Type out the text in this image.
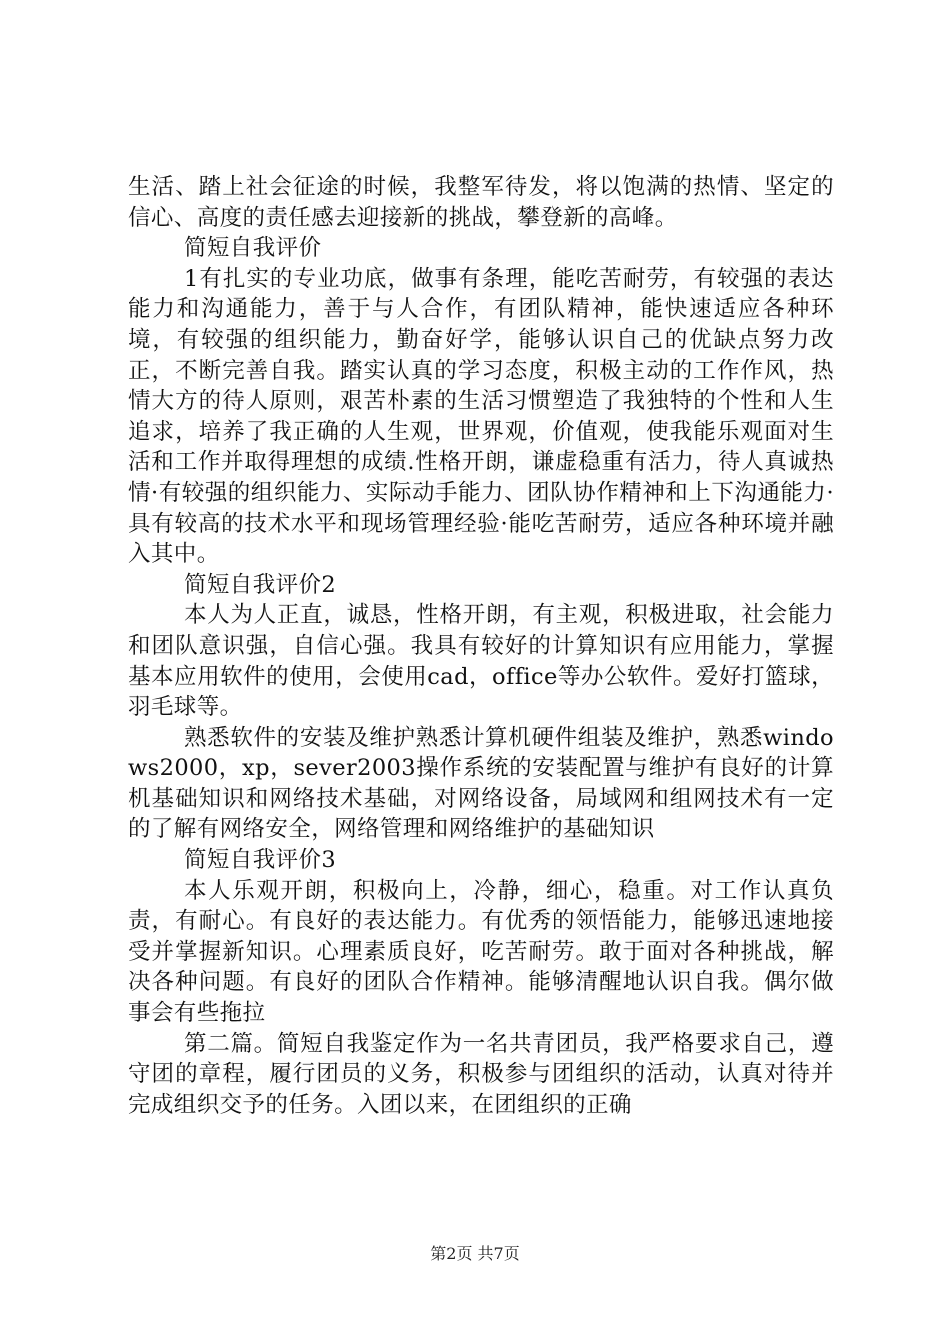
生活、踏上社会征途的时候，我整军待发，将以饱满的热情、坚定的信心、高度的责任感去迎接新的挑战，攀登新的高峰。

简短自我评价

1有扎实的专业功底，做事有条理，能吃苦耐劳，有较强的表达能力和沟通能力，善于与人合作，有团队精神，能快速适应各种环境，有较强的组织能力，勤奋好学，能够认识自己的优缺点努力改正，不断完善自我。踏实认真的学习态度，积极主动的工作作风，热情大方的待人原则，艰苦朴素的生活习惯塑造了我独特的个性和人生追求，培养了我正确的人生观，世界观，价值观，使我能乐观面对生活和工作并取得理想的成绩.性格开朗，谦虚稳重有活力，待人真诚热情·有较强的组织能力、实际动手能力、团队协作精神和上下沟通能力·具有较高的技术水平和现场管理经验·能吃苦耐劳，适应各种环境并融入其中。

简短自我评价2

本人为人正直，诚恳，性格开朗，有主观，积极进取，社会能力和团队意识强，自信心强。我具有较好的计算知识有应用能力，掌握基本应用软件的使用，会使用cad，office等办公软件。爱好打篮球，羽毛球等。

熟悉软件的安装及维护熟悉计算机硬件组装及维护，熟悉windows2000，xp，sever2003操作系统的安装配置与维护有良好的计算机基础知识和网络技术基础，对网络设备，局域网和组网技术有一定的了解有网络安全，网络管理和网络维护的基础知识

简短自我评价3

本人乐观开朗，积极向上，冷静，细心，稳重。对工作认真负责，有耐心。有良好的表达能力。有优秀的领悟能力，能够迅速地接受并掌握新知识。心理素质良好，吃苦耐劳。敢于面对各种挑战，解决各种问题。有良好的团队合作精神。能够清醒地认识自我。偶尔做事会有些拖拉

第二篇。简短自我鉴定作为一名共青团员，我严格要求自己，遵守团的章程，履行团员的义务，积极参与团组织的活动，认真对待并完成组织交予的任务。入团以来，在团组织的正确

第2页 共7页
